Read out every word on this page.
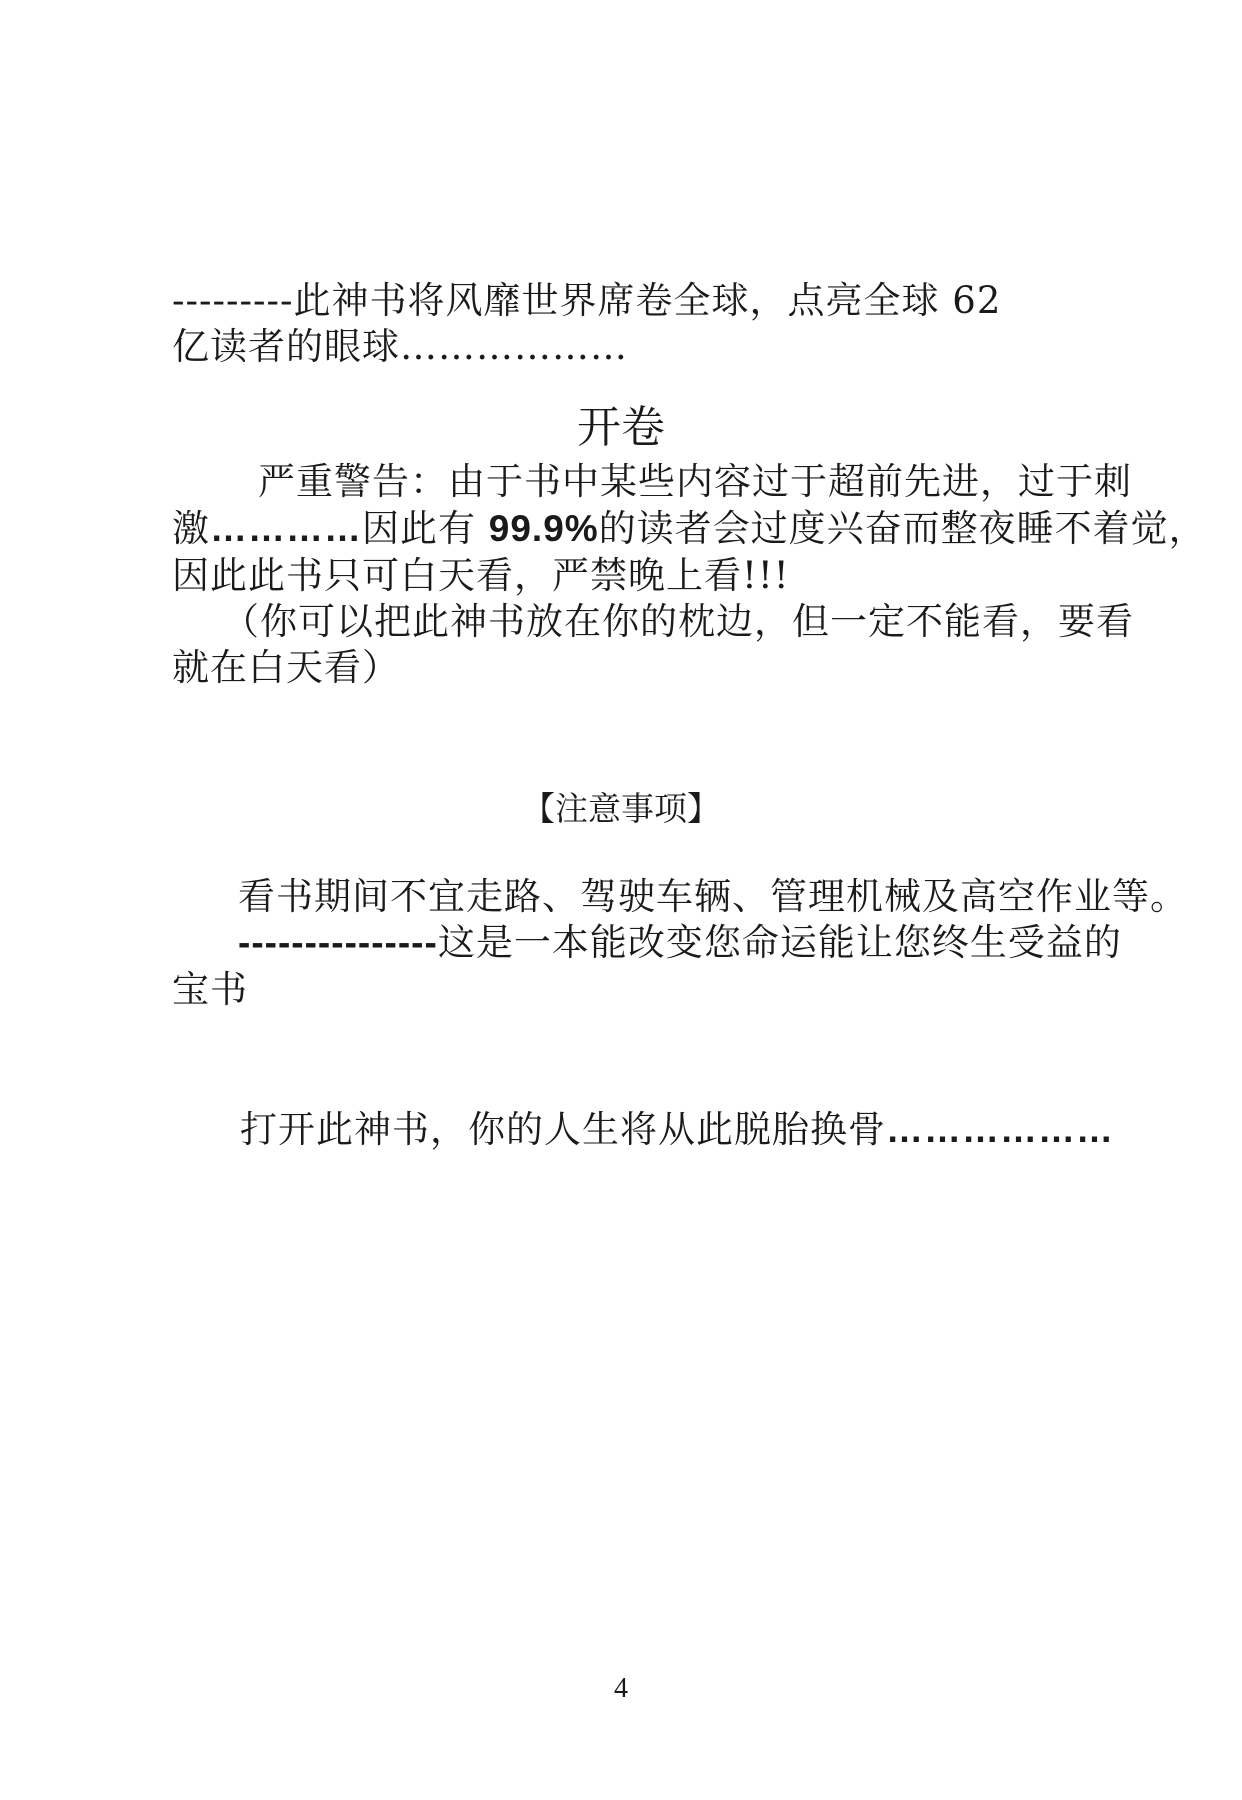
---------此神书将风靡世界席卷全球，点亮全球 62
亿读者的眼球………………
开卷
严重警告：由于书中某些内容过于超前先进，过于刺
激…………因此有 99.9%的读者会过度兴奋而整夜睡不着觉，
因此此书只可白天看，严禁晚上看!!!
（你可以把此神书放在你的枕边，但一定不能看，要看
就在白天看）
【注意事项】
看书期间不宜走路、驾驶车辆、管理机械及高空作业等。
---------------这是一本能改变您命运能让您终生受益的
宝书
打开此神书，你的人生将从此脱胎换骨………………
4
